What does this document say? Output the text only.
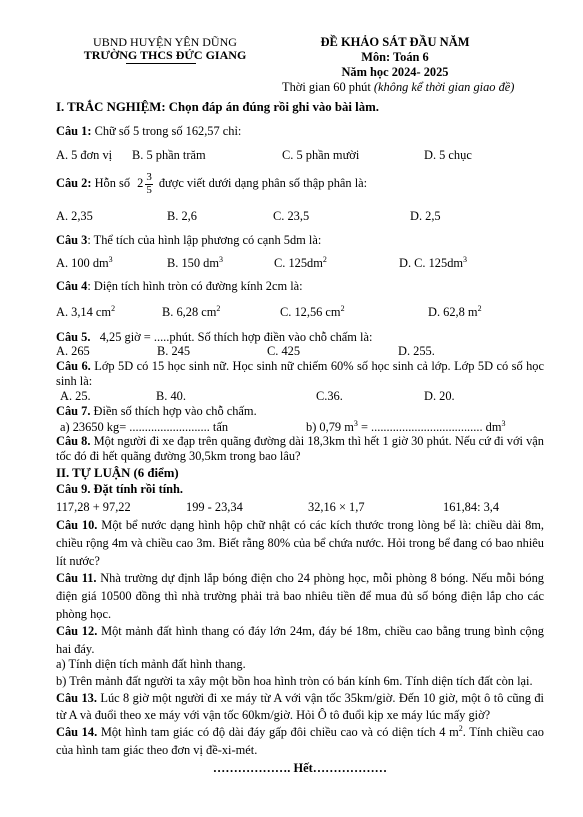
UBND HUYỆN YÊN DŨNG
TRƯỜNG THCS ĐỨC GIANG
ĐỀ KHẢO SÁT ĐẦU NĂM
Môn: Toán 6
Năm học 2024- 2025
Thời gian 60 phút (không kể thời gian giao đề)
I. TRẮC NGHIỆM: Chọn đáp án đúng rồi ghi vào bài làm.
Câu 1: Chữ số 5 trong số 162,57 chỉ:
A. 5 đơn vị B. 5 phần trăm	C. 5 phần mười	D. 5 chục
Câu 2:
Hỗn số
$2 \frac{3}{5}$ được viết dưới dạng phân số thập phân là:
A. 2,35	B. 2,6	C. 23,5	D. 2,5
Câu 3: Thể tích của hình lập phương có cạnh 5dm là:
A. 100 $dm^3$	B. 150 $dm^3$	C. $125dm^2$	D. C. $125dm^3$
Câu 4: Diện tích hình tròn có đường kính 2cm là:
A. 3,14 $cm^2$	B. 6,28 $cm^2$	C. 12,56 $cm^2$	D. 62,8 $m^2$
Câu 5. 4,25 giờ = .....phút. Số thích hợp điền vào chỗ chấm là:
A. 265	B. 245	C. 425	D. 255.
Câu 6. Lớp 5D có 15 học sinh nữ. Học sinh nữ chiếm 60% số học sinh cả lớp. Lớp 5D có số học sinh là:
A. 25.	B. 40.	C.36.	D. 20.
Câu 7. Điền số thích hợp vào chỗ chấm.
a) 23650 kg= .......................... tấn	b) 0,79 $m^3$ = .................................... $dm^3$
Câu 8. Một người đi xe đạp trên quãng đường dài 18,3km thì hết 1 giờ 30 phút. Nếu cứ đi với vận tốc đó đi hết quãng đường 30,5km trong bao lâu?
II. TỰ LUẬN (6 điểm)
Câu 9. Đặt tính rồi tính.
117,28 + 97,22	199 - 23,34	32,16 × 1,7	161,84: 3,4
Câu 10. Một bể nước dạng hình hộp chữ nhật có các kích thước trong lòng bể là: chiều dài 8m, chiều rộng 4m và chiều cao 3m. Biết rằng 80% của bể chứa nước. Hỏi trong bể đang có bao nhiêu lít nước?
Câu 11. Nhà trường dự định lắp bóng điện cho 24 phòng học, mỗi phòng 8 bóng. Nếu mỗi bóng điện giá 10500 đồng thì nhà trường phải trả bao nhiêu tiền để mua đủ số bóng điện lắp cho các phòng học.
Câu 12. Một mảnh đất hình thang có đáy lớn 24m, đáy bé 18m, chiều cao bằng trung bình cộng hai đáy.
a) Tính diện tích mảnh đất hình thang.
b) Trên mảnh đất người ta xây một bồn hoa hình tròn có bán kính 6m. Tính diện tích đất còn lại.
Câu 13. Lúc 8 giờ một người đi xe máy từ A với vận tốc 35km/giờ. Đến 10 giờ, một ô tô cũng đi từ A và đuổi theo xe máy với vận tốc 60km/giờ. Hỏi Ô tô đuổi kịp xe máy lúc mấy giờ?
Câu 14. Một hình tam giác có độ dài đáy gấp đôi chiều cao và có diện tích 4 $m^2$. Tính chiều cao của hình tam giác theo đơn vị đề-xi-mét.
………………. Hết………………
